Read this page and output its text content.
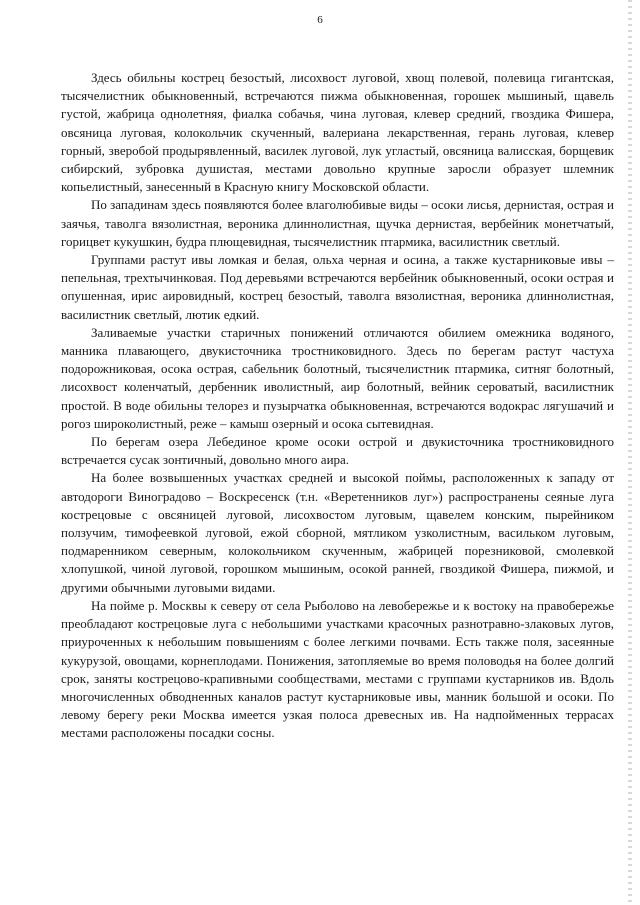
6

Здесь обильны кострец безостый, лисохвост луговой, хвощ полевой, полевица гигантская, тысячелистник обыкновенный, встречаются пижма обыкновенная, горошек мышиный, щавель густой, жабрица однолетняя, фиалка собачья, чина луговая, клевер средний, гвоздика Фишера, овсяница луговая, колокольчик скученный, валериана лекарственная, герань луговая, клевер горный, зверобой продырявленный, василек луговой, лук угластый, овсяница валисская, борщевик сибирский, зубровка душистая, местами довольно крупные заросли образует шлемник копьелистный, занесенный в Красную книгу Московской области.

По западинам здесь появляются более влаголюбивые виды – осоки лисья, дернистая, острая и заячья, таволга вязолистная, вероника длиннолистная, щучка дернистая, вербейник монетчатый, горицвет кукушкин, будра плющевидная, тысячелистник птармика, василистник светлый.

Группами растут ивы ломкая и белая, ольха черная и осина, а также кустарниковые ивы – пепельная, трехтычинковая. Под деревьями встречаются вербейник обыкновенный, осоки острая и опушенная, ирис аировидный, кострец безостый, таволга вязолистная, вероника длиннолистная, василистник светлый, лютик едкий.

Заливаемые участки старичных понижений отличаются обилием омежника водяного, манника плавающего, двукисточника тростниковидного. Здесь по берегам растут частуха подорожниковая, осока острая, сабельник болотный, тысячелистник птармика, ситняг болотный, лисохвост коленчатый, дербенник иволистный, аир болотный, вейник сероватый, василистник простой. В воде обильны телорез и пузырчатка обыкновенная, встречаются водокрас лягушачий и рогоз широколистный, реже – камыш озерный и осока сытевидная.

По берегам озера Лебединое кроме осоки острой и двукисточника тростниковидного встречается сусак зонтичный, довольно много аира.

На более возвышенных участках средней и высокой поймы, расположенных к западу от автодороги Виноградово – Воскресенск (т.н. «Веретенников луг») распространены сеяные луга кострецовые с овсяницей луговой, лисохвостом луговым, щавелем конским, пырейником ползучим, тимофеевкой луговой, ежой сборной, мятликом узколистным, васильком луговым, подмаренником северным, колокольчиком скученным, жабрицей порезниковой, смолевкой хлопушкой, чиной луговой, горошком мышиным, осокой ранней, гвоздикой Фишера, пижмой, и другими обычными луговыми видами.

На пойме р. Москвы к северу от села Рыболово на левобережье и к востоку на правобережье преобладают кострецовые луга с небольшими участками красочных разнотравно-злаковых лугов, приуроченных к небольшим повышениям с более легкими почвами. Есть также поля, засеянные кукурузой, овощами, корнеплодами. Понижения, затопляемые во время половодья на более долгий срок, заняты кострецово-крапивными сообществами, местами с группами кустарников ив. Вдоль многочисленных обводненных каналов растут кустарниковые ивы, манник большой и осоки. По левому берегу реки Москва имеется узкая полоса древесных ив. На надпойменных террасах местами расположены посадки сосны.
